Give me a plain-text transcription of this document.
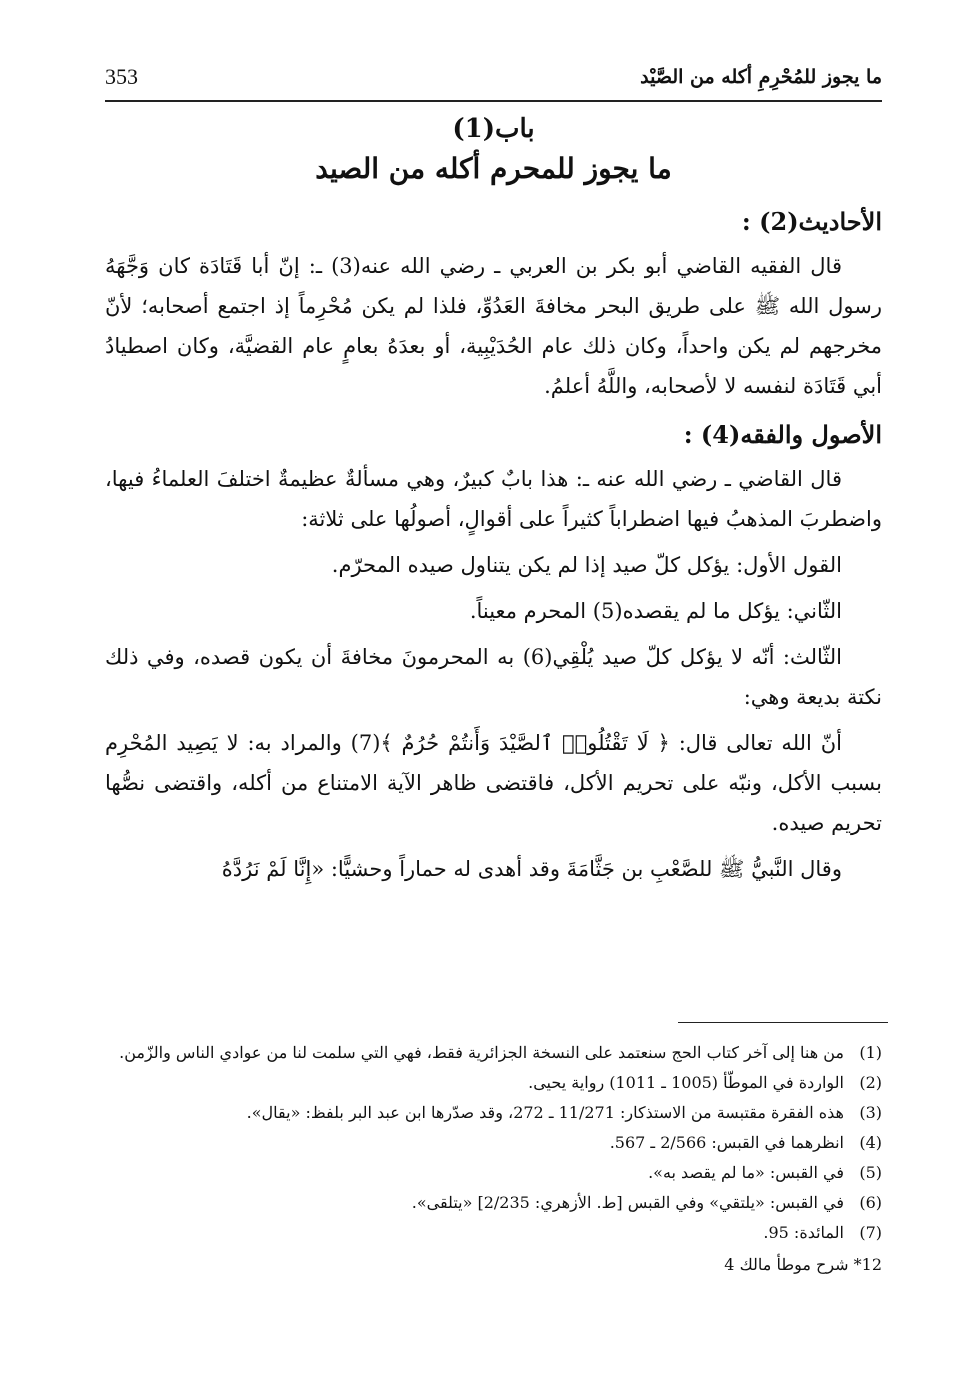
ما يجوز للمُحْرِمِ أكله من الصَّيْد
353
باب(1)
ما يجوز للمحرم أكله من الصيد
الأحاديث(2) :

قال الفقيه القاضي أبو بكر بن العربي ـ رضي الله عنه(3) ـ: إنّ أبا قَتَادَة كان وَجَّهَهُ رسول الله ﷺ على طريق البحر مخافةَ العَدُوِّ، فلذا لم يكن مُحْرِماً إذ اجتمع أصحابه؛ لأنّ مخرجهم لم يكن واحداً، وكان ذلك عام الحُدَيْبِية، أو بعدَهُ بعامٍ عام القضيَّة، وكان اصطيادُ أبي قَتَادَة لنفسه لا لأصحابه، واللَّهُ أعلمُ.

الأصول والفقه(4) :

قال القاضي ـ رضي الله عنه ـ: هذا بابٌ كبيرٌ، وهي مسألةٌ عظيمةٌ اختلفَ العلماءُ فيها، واضطربَ المذهبُ فيها اضطراباً كثيراً على أقوالٍ، أصولُها على ثلاثة:

القول الأول: يؤكل كلّ صيد إذا لم يكن يتناول صيده المحرّم.

الثّاني: يؤكل ما لم يقصده(5) المحرم معيناً.

الثّالث: أنّه لا يؤكل كلّ صيد يُلْقِي(6) به المحرمونَ مخافةَ أن يكون قصده، وفي ذلك نكتة بديعة وهي:

أنّ الله تعالى قال: ﴿ لَا تَقْتُلُوا۟ ٱلصَّيْدَ وَأَنتُمْ حُرُمٌ ﴾(7) والمراد به: لا يَصِيد المُحْرِم بسبب الأكل، ونبّه على تحريم الأكل، فاقتضى ظاهر الآية الامتناع من أكله، واقتضى نصُّها تحريم صيده.

وقال النَّبيُّ ﷺ للصَّعْبِ بن جَثَّامَةَ وقد أهدى له حماراً وحشيًّا: «إِنَّا لَمْ نَرُدَّهُ

(1)
من هنا إلى آخر كتاب الحج سنعتمد على النسخة الجزائرية فقط، فهي التي سلمت لنا من عوادي الناس والزّمن.
(2)
الواردة في الموطّأ (1005 ـ 1011) رواية يحيى.
(3)
هذه الفقرة مقتبسة من الاستذكار: 11/271 ـ 272، وقد صدّرها ابن عبد البر بلفظ: «يقال».
(4)
انظرهما في القبس: 2/566 ـ 567.
(5)
في القبس: «ما لم يقصد به».
(6)
في القبس: «يلتقي» وفي القبس [ط. الأزهري: 2/235] «يتلقى».
(7)
المائدة: 95.
12* شرح موطأ مالك 4
